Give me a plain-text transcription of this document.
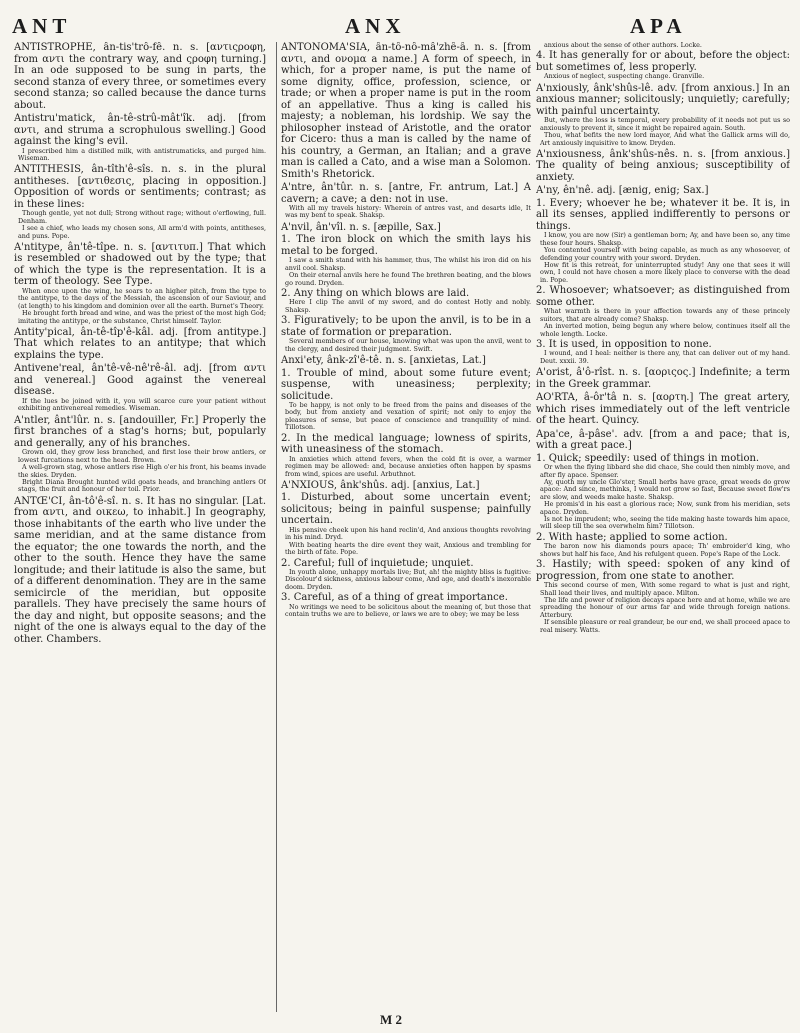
ANT	ANX	APA
ANTISTROPHE, ân-tis'trô-fê. n. s. [αντιςροφη, from αντι the contrary way, and ςροφη turning.] In an ode supposed to be sung in parts, the second stanza of every three, or sometimes every second stanza; so called because the dance turns about.
Antistru'matick, ân-tê-strû-mât'îk. adj. [from αντι, and struma a scrophulous swelling.] Good against the king's evil.
I prescribed him a distilled milk, with antistrumaticks, and purged him. Wiseman.
ANTITHESIS, ân-tîth'ê-sîs. n. s. in the plural antitheses. [αντιθεσις, placing in opposition.] Opposition of words or sentiments; contrast; as in these lines:
Though gentle, yet not dull; Strong without rage; without o'erflowing, full. Denham.
I see a chief, who leads my chosen sons, All arm'd with points, antitheses, and puns. Pope.
A'ntitype, ân'tê-tîpe. n. s. [αντιτυπ.] That which is resembled or shadowed out by the type; that of which the type is the representation. It is a term of theology. See Type.
When once upon the wing, he soars to an higher pitch, from the type to the antitype, to the days of the Messiah, the ascension of our Saviour, and (at length) to his kingdom and dominion over all the earth. Burnet's Theory.
He brought forth bread and wine, and was the priest of the most high God; imitating the antitype, or the substance, Christ himself. Taylor.
Antity'pical, ân-tê-tîp'ê-kâl. adj. [from antitype.] That which relates to an antitype; that which explains the type.
Antivene'real, ân'tê-vê-nê'rê-âl. adj. [from αντι and venereal.] Good against the venereal disease.
If the lues be joined with it, you will scarce cure your patient without exhibiting antivenereal remedies. Wiseman.
A'ntler, ânt'lûr. n. s. [andouiller, Fr.] Properly the first branches of a stag's horns; but, popularly and generally, any of his branches.
Grown old, they grow less branched, and first lose their brow antlers, or lowest furcations next to the head. Brown.
A well-grown stag, whose antlers rise High o'er his front, his beams invade the skies. Dryden.
Bright Diana Brought hunted wild goats heads, and branching antlers Of stags, the fruit and honour of her toil. Prior.
ANTŒ'CI, ân-tô'ê-sî. n. s. It has no singular. [Lat. from αντι, and οικεω, to inhabit.] In geography, those inhabitants of the earth who live under the same meridian, and at the same distance from the equator; the one towards the north, and the other to the south. Hence they have the same longitude; and their latitude is also the same, but of a different denomination. They are in the same semicircle of the meridian, but opposite parallels. They have precisely the same hours of the day and night, but opposite seasons; and the night of the one is always equal to the day of the other. Chambers.
ANTONOMA'SIA, ân-tô-nô-mâ'zhê-â. n. s. [from αντι, and ονομα a name.] A form of speech, in which, for a proper name, is put the name of some dignity, office, profession, science, or trade; or when a proper name is put in the room of an appellative. Thus a king is called his majesty; a nobleman, his lordship. We say the philosopher instead of Aristotle, and the orator for Cicero: thus a man is called by the name of his country, a German, an Italian; and a grave man is called a Cato, and a wise man a Solomon. Smith's Rhetorick.
A'ntre, ân'tûr. n. s. [antre, Fr. antrum, Lat.] A cavern; a cave; a den: not in use.
With all my travels history: Wherein of antres vast, and desarts idle, It was my bent to speak. Shaksp.
A'nvil, ân'vîl. n. s. [æpille, Sax.]
1. The iron block on which the smith lays his metal to be forged.
I saw a smith stand with his hammer, thus, The whilst his iron did on his anvil cool. Shaksp.
On their eternal anvils here he found The brethren beating, and the blows go round. Dryden.
2. Any thing on which blows are laid.
Here I clip The anvil of my sword, and do contest Hotly and nobly. Shaksp.
3. Figuratively; to be upon the anvil, is to be in a state of formation or preparation.
Several members of our house, knowing what was upon the anvil, went to the clergy, and desired their judgment. Swift.
Anxi'ety, ânk-zî'ê-tê. n. s. [anxietas, Lat.]
1. Trouble of mind, about some future event; suspense, with uneasiness; perplexity; solicitude.
To be happy, is not only to be freed from the pains and diseases of the body, but from anxiety and vexation of spirit; not only to enjoy the pleasures of sense, but peace of conscience and tranquillity of mind. Tillotson.
2. In the medical language; lowness of spirits, with uneasiness of the stomach.
In anxieties which attend fevers, when the cold fit is over, a warmer regimen may be allowed: and, because anxieties often happen by spasms from wind, spices are useful. Arbuthnot.
A'NXIOUS, ânk'shûs. adj. [anxius, Lat.]
1. Disturbed, about some uncertain event; solicitous; being in painful suspense; painfully uncertain.
His pensive cheek upon his hand reclin'd, And anxious thoughts revolving in his mind. Dryd.
With beating hearts the dire event they wait, Anxious and trembling for the birth of fate. Pope.
2. Careful; full of inquietude; unquiet.
In youth alone, unhappy mortals live; But, ah! the mighty bliss is fugitive: Discolour'd sickness, anxious labour come, And age, and death's inexorable doom. Dryden.
3. Careful, as of a thing of great importance.
No writings we need to be solicitous about the meaning of, but those that contain truths we are to believe, or laws we are to obey; we may be less
anxious about the sense of other authors. Locke.
4. It has generally for or about, before the object: but sometimes of, less properly.
Anxious of neglect, suspecting change. Granville.
A'nxiously, ânk'shûs-lê. adv. [from anxious.] In an anxious manner; solicitously; unquietly; carefully; with painful uncertainty.
But, where the loss is temporal, every probability of it needs not put us so anxiously to prevent it, since it might be repaired again. South.
Thou, what befits the new lord mayor, And what the Gallick arms will do, Art anxiously inquisitive to know. Dryden.
A'nxiousness, ânk'shûs-nês. n. s. [from anxious.] The quality of being anxious; susceptibility of anxiety.
A'ny, ên'nê. adj. [ænig, enig; Sax.]
1. Every; whoever he be; whatever it be. It is, in all its senses, applied indifferently to persons or things.
I know, you are now (Sir) a gentleman born; Ay, and have been so, any time these four hours. Shaksp.
You contented yourself with being capable, as much as any whosoever, of defending your country with your sword. Dryden.
How fit is this retreat, for uninterrupted study! Any one that sees it will own, I could not have chosen a more likely place to converse with the dead in. Pope.
2. Whosoever; whatsoever; as distinguished from some other.
What warmth is there in your affection towards any of these princely suitors, that are already come? Shaksp.
An inverted motion, being begun any where below, continues itself all the whole length. Locke.
3. It is used, in opposition to none.
I wound, and I heal: neither is there any, that can deliver out of my hand. Deut. xxxii. 39.
A'orist, â'ô-rîst. n. s. [αοριςος.] Indefinite; a term in the Greek grammar.
AO'RTA, â-ôr'tâ n. s. [αορτη.] The great artery, which rises immediately out of the left ventricle of the heart. Quincy.
Apa'ce, â-pâse'. adv. [from a and pace; that is, with a great pace.]
1. Quick; speedily: used of things in motion.
Or when the flying libbard she did chace, She could then nimbly move, and after fly apace. Spenser.
Ay, quoth my uncle Glo'ster, Small herbs have grace, great weeds do grow apace: And since, methinks, I would not grow so fast, Because sweet flow'rs are slow, and weeds make haste. Shaksp.
He promis'd in his east a glorious race; Now, sunk from his meridian, sets apace. Dryden.
Is not he imprudent; who, seeing the tide making haste towards him apace, will sleep till the sea overwhelm him? Tillotson.
2. With haste; applied to some action.
The baron now his diamonds pours apace; Th' embroider'd king, who shows but half his face, And his refulgent queen. Pope's Rape of the Lock.
3. Hastily; with speed: spoken of any kind of progression, from one state to another.
This second course of men, With some regard to what is just and right, Shall lead their lives, and multiply apace. Milton.
The life and power of religion decays apace here and at home, while we are spreading the honour of our arms far and wide through foreign nations. Atterbury.
If sensible pleasure or real grandeur, be our end, we shall proceed apace to real misery. Watts.
M 2
